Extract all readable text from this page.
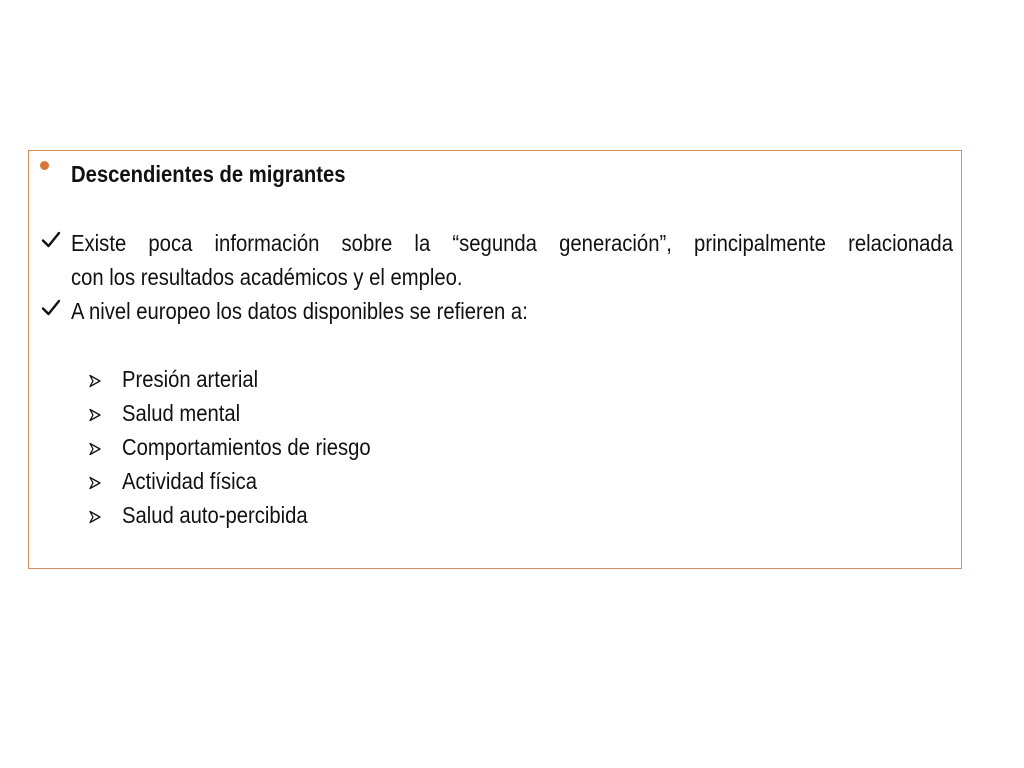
Descendientes de migrantes
Existe poca información sobre la “segunda generación”, principalmente relacionada
con los resultados académicos y el empleo.
A nivel europeo los datos disponibles se refieren a:
Presión arterial
Salud mental
Comportamientos de riesgo
Actividad física
Salud auto-percibida
